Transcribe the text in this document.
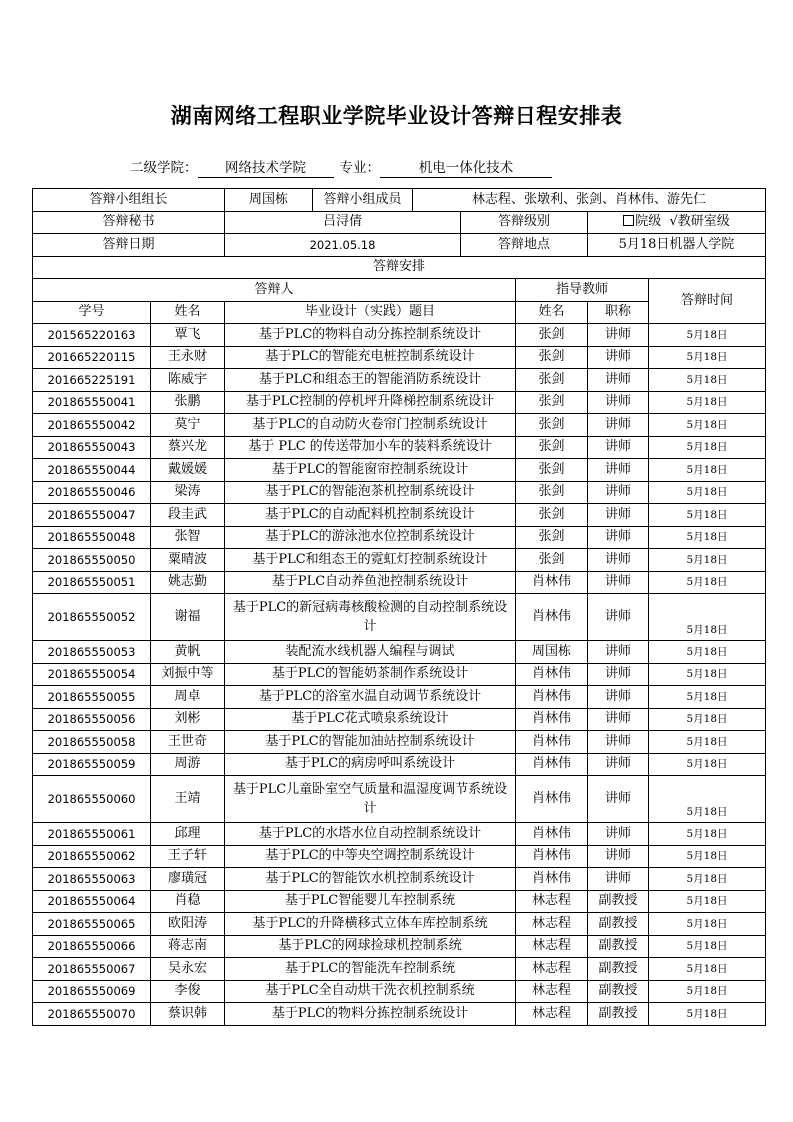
湖南网络工程职业学院毕业设计答辩日程安排表
二级学院： 网络技术学院 专业：	机电一体化技术
答辩小组组长		周国栋	答辩小组成员	林志程、张墩利、张剑、肖林伟、游先仁				
答辩秘书		吕浔倩			答辩级别		院级 √教研室级	
答辩日期		2021.05.18			答辩地点		5月18日机器人学院	
答辩安排								
答辩人						指导教师		答辩时间
学号	姓名	毕业设计（实践）题目				姓名	职称	
201565220163	覃飞	基于PLC的物料自动分拣控制系统设计				张剑	讲师	5月18日
201665220115	王永财	基于PLC的智能充电桩控制系统设计				张剑	讲师	5月18日
201665225191	陈威宇	基于PLC和组态王的智能消防系统设计				张剑	讲师	5月18日
201865550041	张鹏	基于PLC控制的停机坪升降梯控制系统设计				张剑	讲师	5月18日
201865550042	莫宁	基于PLC的自动防火卷帘门控制系统设计				张剑	讲师	5月18日
201865550043	蔡兴龙	基于 PLC 的传送带加小车的装料系统设计				张剑	讲师	5月18日
201865550044	戴媛媛	基于PLC的智能窗帘控制系统设计				张剑	讲师	5月18日
201865550046	梁涛	基于PLC的智能泡茶机控制系统设计				张剑	讲师	5月18日
201865550047	段圭武	基于PLC的自动配料机控制系统设计				张剑	讲师	5月18日
201865550048	张智	基于PLC的游泳池水位控制系统设计				张剑	讲师	5月18日
201865550050	粟晴波	基于PLC和组态王的霓虹灯控制系统设计				张剑	讲师	5月18日
201865550051	姚志勤	基于PLC自动养鱼池控制系统设计				肖林伟	讲师	5月18日
201865550052	谢福	基于PLC的新冠病毒核酸检测的自动控制系统设计				肖林伟	讲师	5月18日
201865550053	黄帆	装配流水线机器人编程与调试				周国栋	讲师	5月18日
201865550054	刘振中等	基于PLC的智能奶茶制作系统设计				肖林伟	讲师	5月18日
201865550055	周卓	基于PLC的浴室水温自动调节系统设计				肖林伟	讲师	5月18日
201865550056	刘彬	基于PLC花式喷泉系统设计				肖林伟	讲师	5月18日
201865550058	王世奇	基于PLC的智能加油站控制系统设计				肖林伟	讲师	5月18日
201865550059	周游	基于PLC的病房呼叫系统设计				肖林伟	讲师	5月18日
201865550060	王靖	基于PLC儿童卧室空气质量和温湿度调节系统设计				肖林伟	讲师	5月18日
201865550061	邱理	基于PLC的水塔水位自动控制系统设计				肖林伟	讲师	5月18日
201865550062	王子轩	基于PLC的中等央空调控制系统设计				肖林伟	讲师	5月18日
201865550063	廖璜冠	基于PLC的智能饮水机控制系统设计				肖林伟	讲师	5月18日
201865550064	肖稳	基于PLC智能婴儿车控制系统				林志程	副教授	5月18日
201865550065	欧阳涛	基于PLC的升降横移式立体车库控制系统				林志程	副教授	5月18日
201865550066	蒋志南	基于PLC的网球捡球机控制系统				林志程	副教授	5月18日
201865550067	吴永宏	基于PLC的智能洗车控制系统				林志程	副教授	5月18日
201865550069	李俊	基于PLC全自动烘干洗衣机控制系统				林志程	副教授	5月18日
201865550070	蔡识韩	基于PLC的物料分拣控制系统设计				林志程	副教授	5月18日
